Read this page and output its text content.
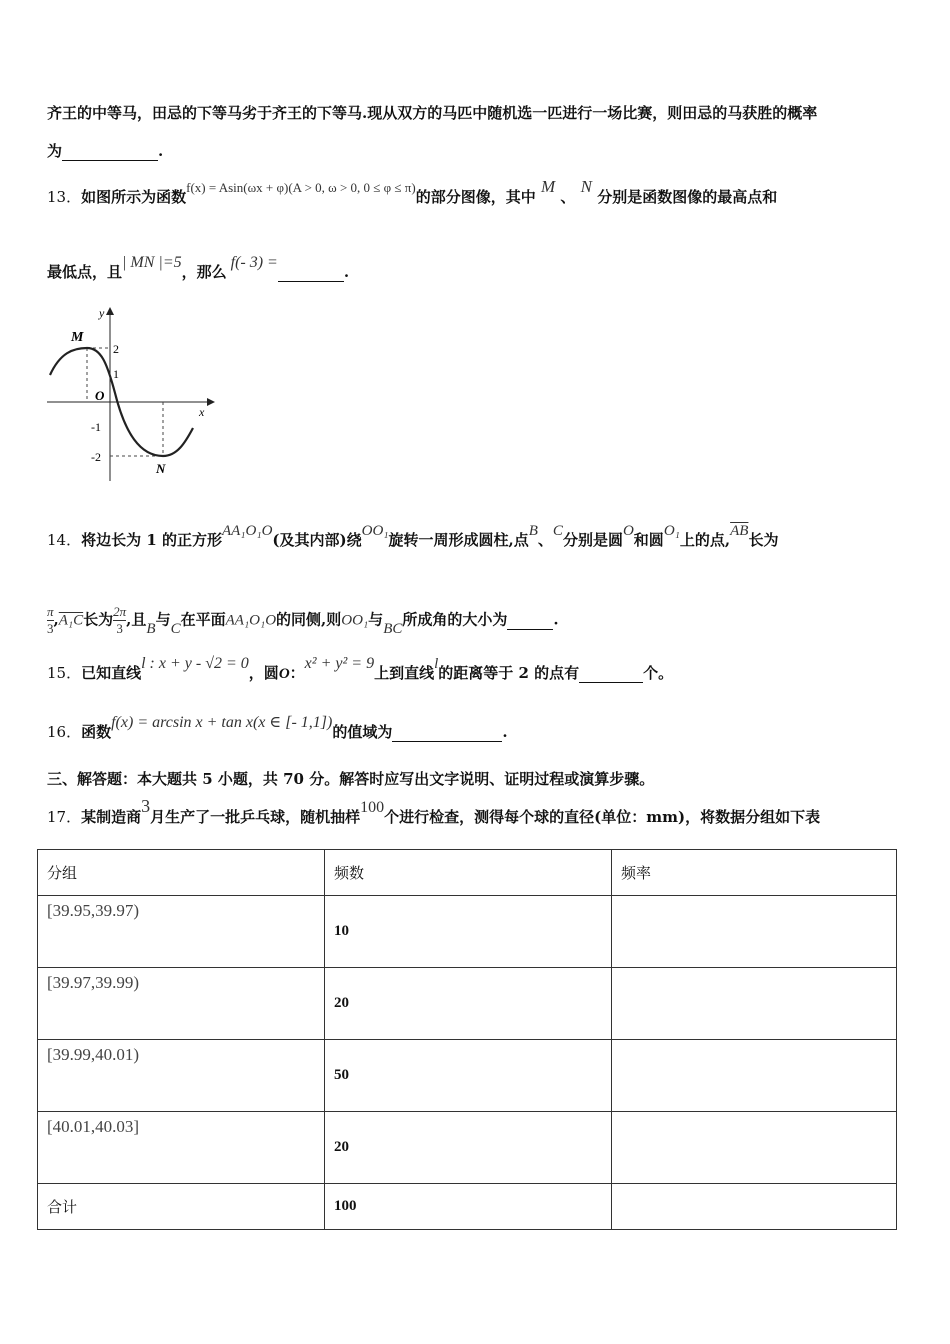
齐王的中等马，田忌的下等马劣于齐王的下等马.现从双方的马匹中随机选一匹进行一场比赛，则田忌的马获胜的概率
为	.
13．如图所示为函数f(x) = Asin(ωx + φ)(A > 0, ω > 0, 0 ≤ φ ≤ π)的部分图像，其中 M 、 N 分别是函数图像的最高点和
最低点，且| MN |=5，那么f(- 3) = .
y
x
O
2
1
-1
-2
M
N
14．将边长为 1 的正方形AA₁O₁O(及其内部)绕OO₁旋转一周形成圆柱,点B、C分别是圆O和圆O₁上的点$,\overline{AB}$长为
$\frac{\pi}{3} ,A_1C$长为 $\frac{2\pi}{3}$ ,且B与C在平面AA₁O₁O的同侧,则OO₁与BC所成角的大小为	.
15．已知直线l : x + y - √2 = 0，圆O：x² + y² = 9上到直线l的距离等于 2 的点有	个。
16．函数f(x) = arcsin x + tan x(x ∈ [- 1,1])的值域为	.
三、解答题：本大题共 5 小题，共 70 分。解答时应写出文字说明、证明过程或演算步骤。
17．某制造商3月生产了一批乒乓球，随机抽样100个进行检查，测得每个球的直径(单位：mm)，将数据分组如下表
分组	频数	频率
[39.95,39.97)	10	
[39.97,39.99)	20	
[39.99,40.01)	50	
[40.01,40.03]	20	
合计	100	
